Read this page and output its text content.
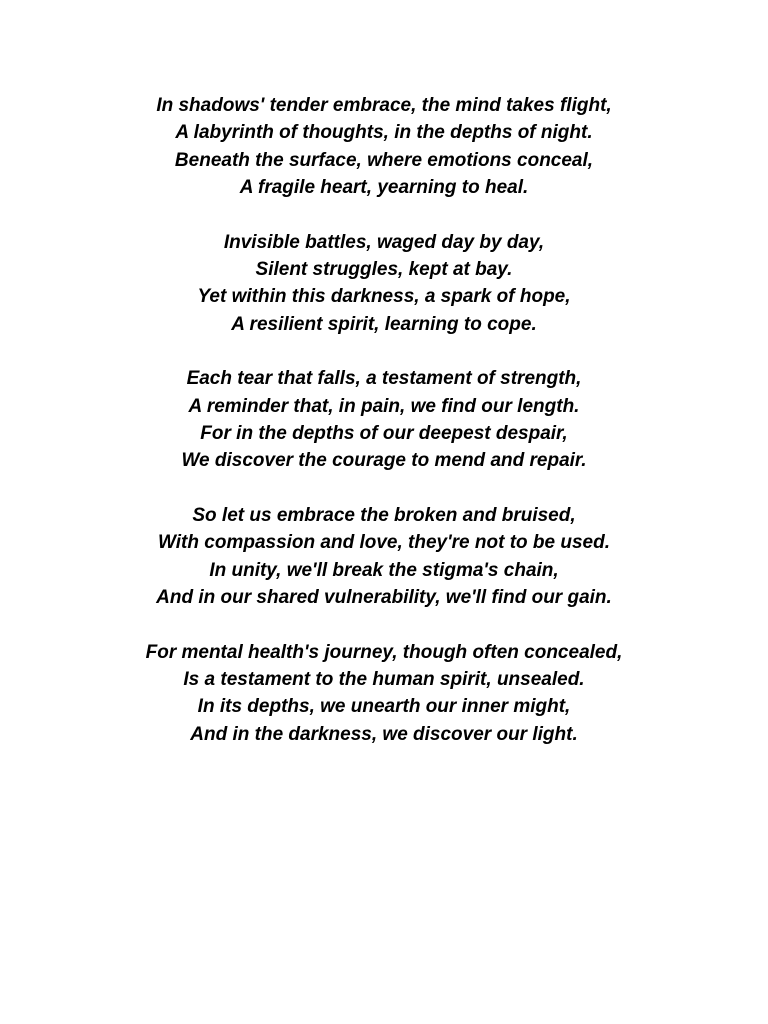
In shadows' tender embrace, the mind takes flight,
A labyrinth of thoughts, in the depths of night.
Beneath the surface, where emotions conceal,
A fragile heart, yearning to heal.
Invisible battles, waged day by day,
Silent struggles, kept at bay.
Yet within this darkness, a spark of hope,
A resilient spirit, learning to cope.
Each tear that falls, a testament of strength,
A reminder that, in pain, we find our length.
For in the depths of our deepest despair,
We discover the courage to mend and repair.
So let us embrace the broken and bruised,
With compassion and love, they're not to be used.
In unity, we'll break the stigma's chain,
And in our shared vulnerability, we'll find our gain.
For mental health's journey, though often concealed,
Is a testament to the human spirit, unsealed.
In its depths, we unearth our inner might,
And in the darkness, we discover our light.
